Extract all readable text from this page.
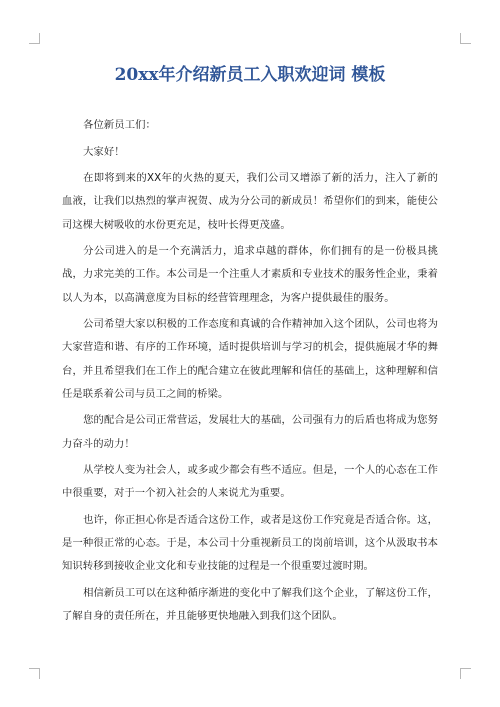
20xx年介绍新员工入职欢迎词 模板

各位新员工们：

大家好！

在即将到来的XX年的火热的夏天，我们公司又增添了新的活力，注入了新的血液，让我们以热烈的掌声祝贺、成为分公司的新成员！希望你们的到来，能使公司这棵大树吸收的水份更充足，枝叶长得更茂盛。

分公司进入的是一个充满活力，追求卓越的群体，你们拥有的是一份极具挑战，力求完美的工作。本公司是一个注重人才素质和专业技术的服务性企业，秉着以人为本，以高满意度为目标的经营管理理念，为客户提供最佳的服务。

公司希望大家以积极的工作态度和真诚的合作精神加入这个团队，公司也将为大家营造和谐、有序的工作环境，适时提供培训与学习的机会，提供施展才华的舞台，并且希望我们在工作上的配合建立在彼此理解和信任的基础上，这种理解和信任是联系着公司与员工之间的桥梁。

您的配合是公司正常营运，发展壮大的基础，公司强有力的后盾也将成为您努力奋斗的动力！

从学校人变为社会人，或多或少都会有些不适应。但是，一个人的心态在工作中很重要，对于一个初入社会的人来说尤为重要。

也许，你正担心你是否适合这份工作，或者是这份工作究竟是否适合你。这，是一种很正常的心态。于是，本公司十分重视新员工的岗前培训，这个从汲取书本知识转移到接收企业文化和专业技能的过程是一个很重要过渡时期。

相信新员工可以在这种循序渐进的变化中了解我们这个企业，了解这份工作，了解自身的责任所在，并且能够更快地融入到我们这个团队。
